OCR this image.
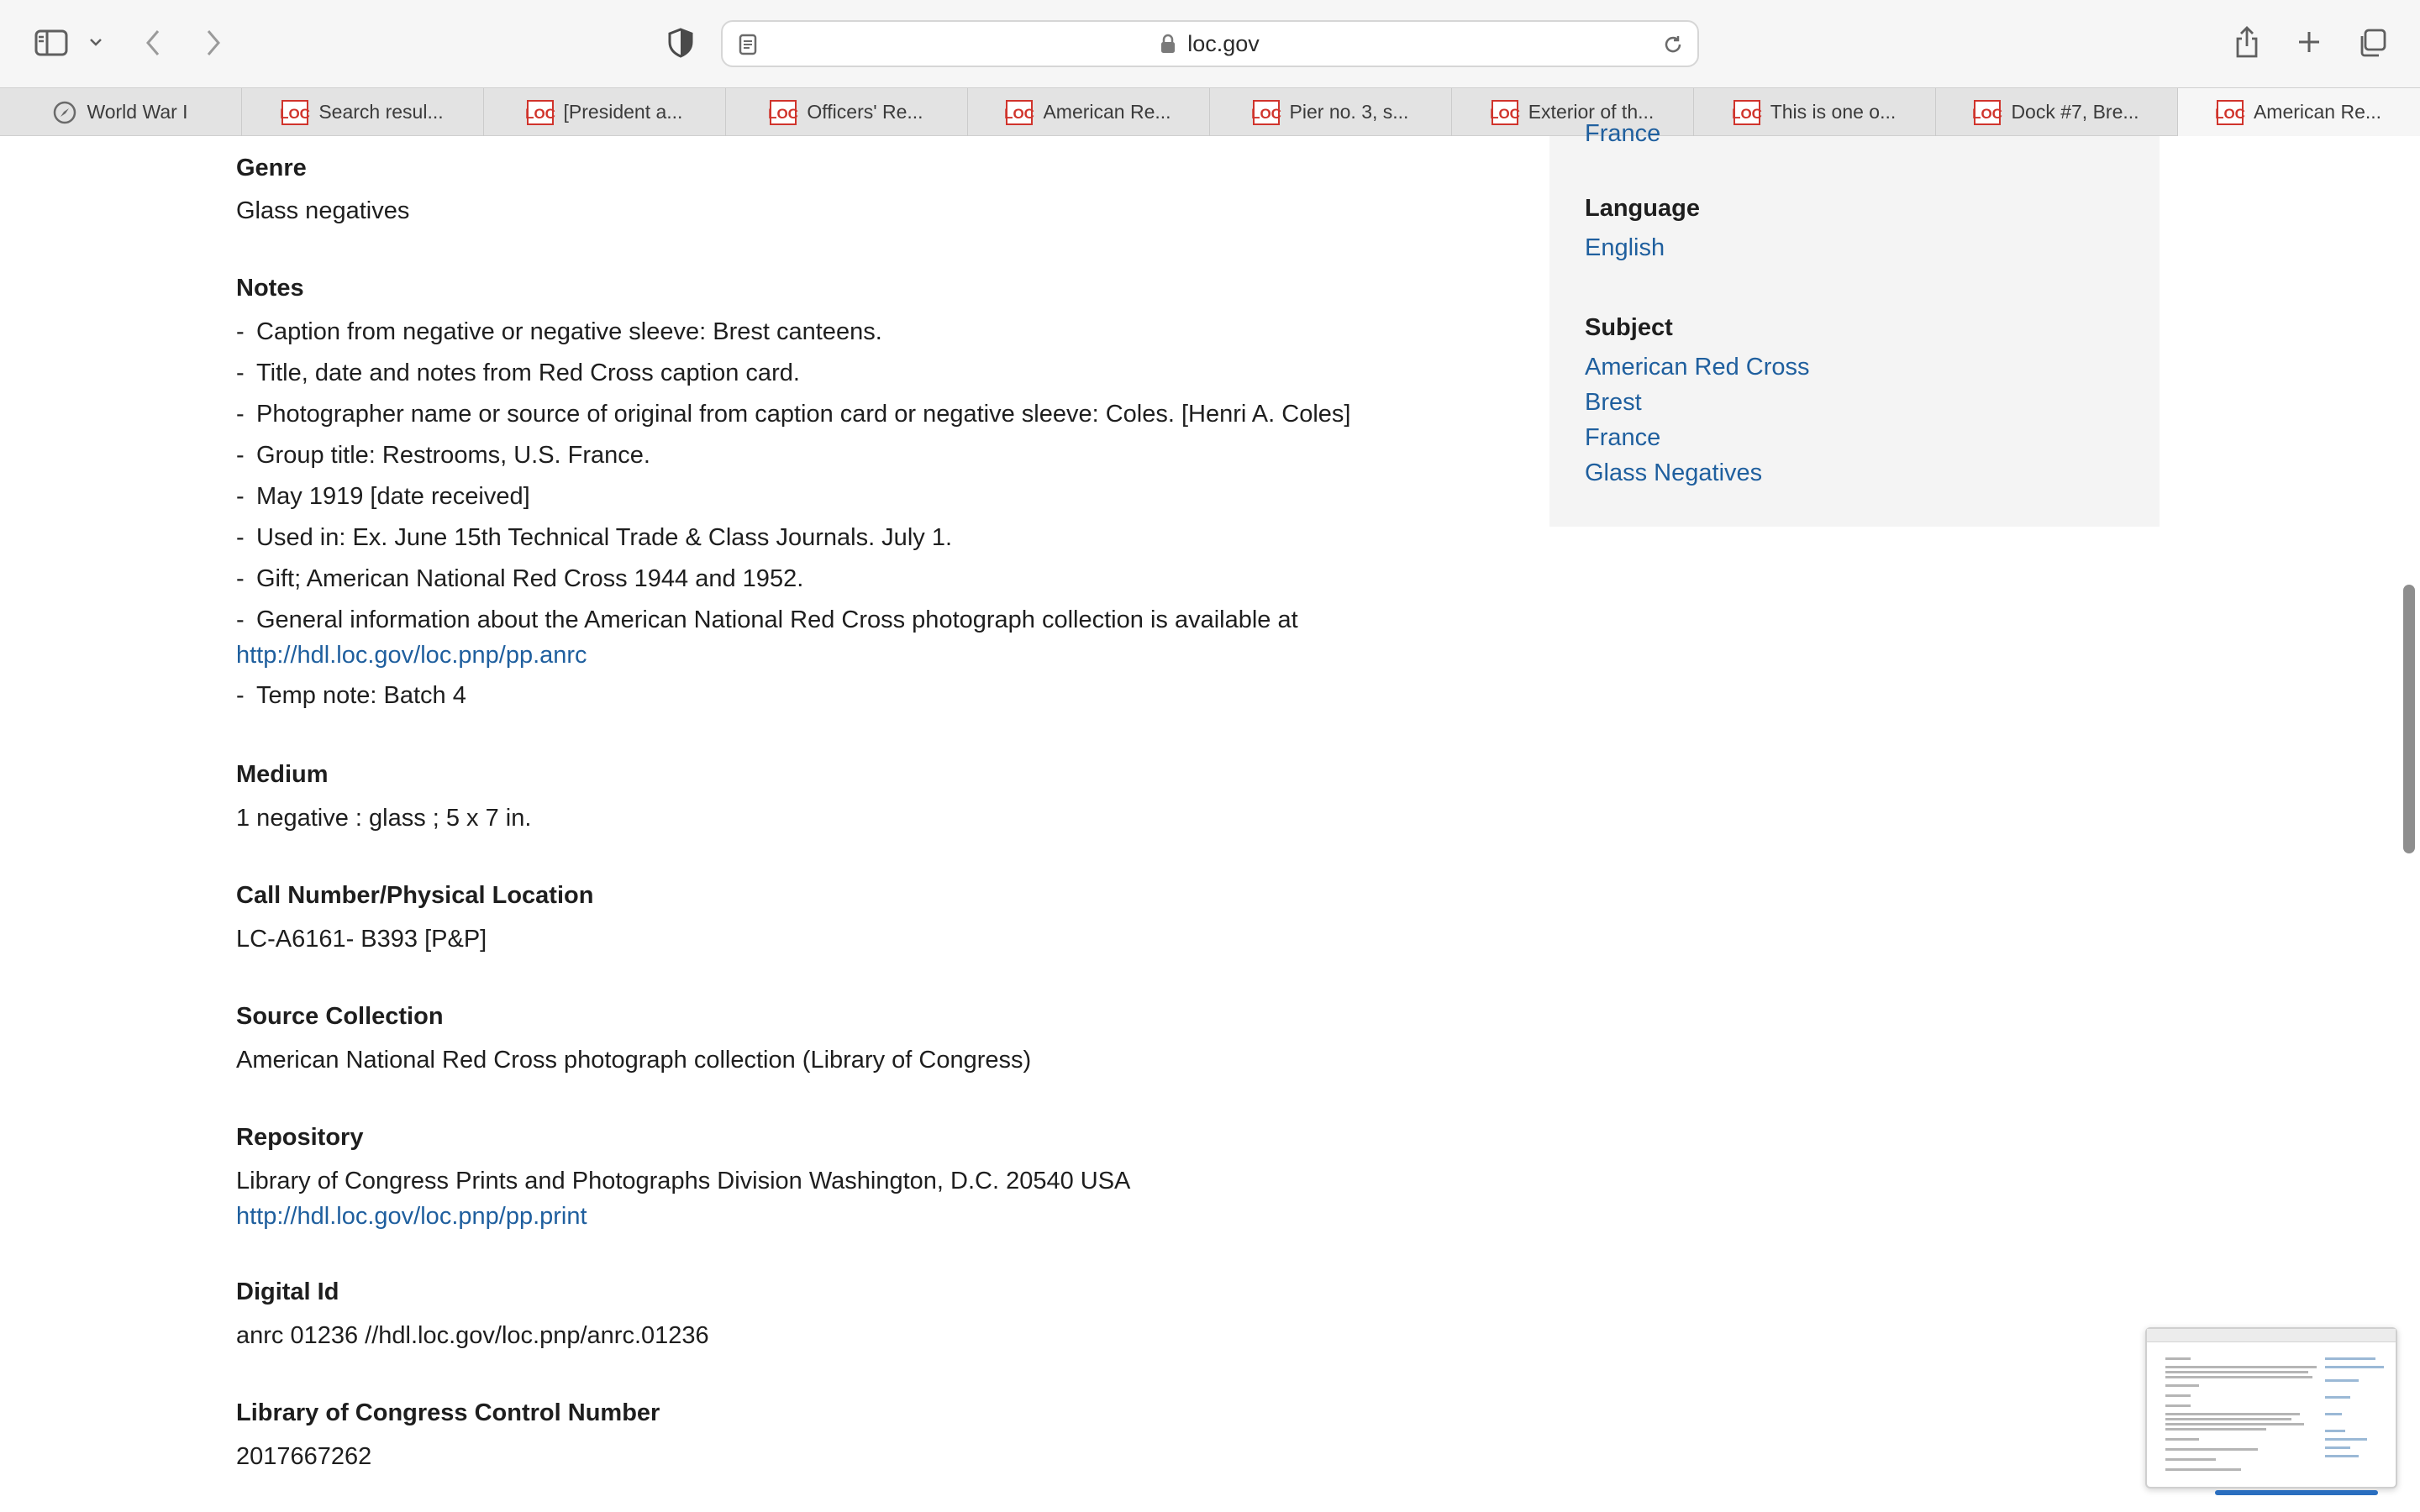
loc.gov
World War I	LOC Search resul...	LOC [President a...	LOC Officers' Re...	LOC American Re...	LOC Pier no. 3, s...	LOC Exterior of th...	LOC This is one o...	LOC Dock #7, Bre...	LOC American Re...
Genre
Glass negatives
Notes
- Caption from negative or negative sleeve: Brest canteens.
- Title, date and notes from Red Cross caption card.
- Photographer name or source of original from caption card or negative sleeve: Coles. [Henri A. Coles]
- Group title: Restrooms, U.S. France.
- May 1919 [date received]
- Used in: Ex. June 15th Technical Trade & Class Journals. July 1.
- Gift; American National Red Cross 1944 and 1952.
- General information about the American National Red Cross photograph collection is available at
http://hdl.loc.gov/loc.pnp/pp.anrc
- Temp note: Batch 4
Medium
1 negative : glass ; 5 x 7 in.
Call Number/Physical Location
LC-A6161- B393 [P&P]
Source Collection
American National Red Cross photograph collection (Library of Congress)
Repository
Library of Congress Prints and Photographs Division Washington, D.C. 20540 USA
http://hdl.loc.gov/loc.pnp/pp.print
Digital Id
anrc 01236 //hdl.loc.gov/loc.pnp/anrc.01236
Library of Congress Control Number
2017667262
France
Language
English
Subject
American Red Cross
Brest
France
Glass Negatives
